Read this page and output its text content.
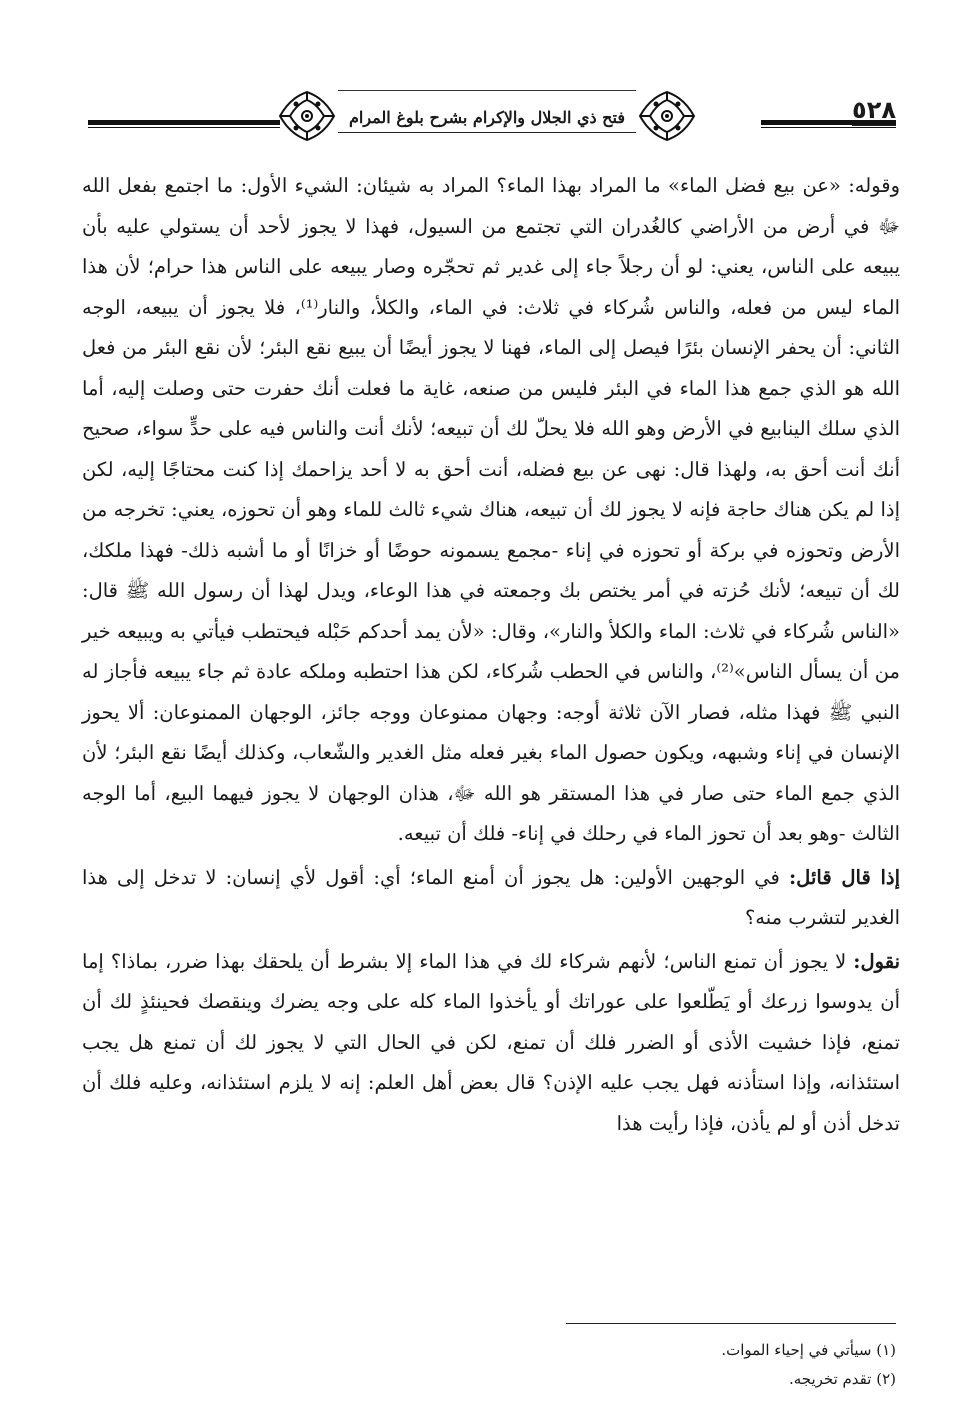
٥٢٨
فتح ذي الجلال والإكرام بشرح بلوغ المرام

وقوله: «عن بيع فضل الماء» ما المراد بهذا الماء؟ المراد به شيئان: الشيء الأول: ما اجتمع بفعل الله ﷻ في أرض من الأراضي كالغُدران التي تجتمع من السيول، فهذا لا يجوز لأحد أن يستولي عليه بأن يبيعه على الناس، يعني: لو أن رجلاً جاء إلى غدير ثم تحجّره وصار يبيعه على الناس هذا حرام؛ لأن هذا الماء ليس من فعله، والناس شُركاء في ثلاث: في الماء، والكلأ، والنار⁽¹⁾، فلا يجوز أن يبيعه، الوجه الثاني: أن يحفر الإنسان بئرًا فيصل إلى الماء، فهنا لا يجوز أيضًا أن يبيع نقع البئر؛ لأن نقع البئر من فعل الله هو الذي جمع هذا الماء في البئر فليس من صنعه، غاية ما فعلت أنك حفرت حتى وصلت إليه، أما الذي سلك الينابيع في الأرض وهو الله فلا يحلّ لك أن تبيعه؛ لأنك أنت والناس فيه على حدٍّ سواء، صحيح أنك أنت أحق به، ولهذا قال: نهى عن بيع فضله، أنت أحق به لا أحد يزاحمك إذا كنت محتاجًا إليه، لكن إذا لم يكن هناك حاجة فإنه لا يجوز لك أن تبيعه، هناك شيء ثالث للماء وهو أن تحوزه، يعني: تخرجه من الأرض وتحوزه في بركة أو تحوزه في إناء -مجمع يسمونه حوضًا أو خزانًا أو ما أشبه ذلك- فهذا ملكك، لك أن تبيعه؛ لأنك حُزته في أمر يختص بك وجمعته في هذا الوعاء، ويدل لهذا أن رسول الله ﷺ قال: «الناس شُركاء في ثلاث: الماء والكلأ والنار»، وقال: «لأن يمد أحدكم حَبْله فيحتطب فيأتي به ويبيعه خير من أن يسأل الناس»⁽²⁾، والناس في الحطب شُركاء، لكن هذا احتطبه وملكه عادة ثم جاء يبيعه فأجاز له النبي ﷺ فهذا مثله، فصار الآن ثلاثة أوجه: وجهان ممنوعان ووجه جائز، الوجهان الممنوعان: ألا يحوز الإنسان في إناء وشبهه، ويكون حصول الماء بغير فعله مثل الغدير والشّعاب، وكذلك أيضًا نقع البئر؛ لأن الذي جمع الماء حتى صار في هذا المستقر هو الله ﷻ، هذان الوجهان لا يجوز فيهما البيع، أما الوجه الثالث -وهو بعد أن تحوز الماء في رحلك في إناء- فلك أن تبيعه.

إذا قال قائل: في الوجهين الأولين: هل يجوز أن أمنع الماء؛ أي: أقول لأي إنسان: لا تدخل إلى هذا الغدير لتشرب منه؟

نقول: لا يجوز أن تمنع الناس؛ لأنهم شركاء لك في هذا الماء إلا بشرط أن يلحقك بهذا ضرر، بماذا؟ إما أن يدوسوا زرعك أو يَطّلعوا على عوراتك أو يأخذوا الماء كله على وجه يضرك وينقصك فحينئذٍ لك أن تمنع، فإذا خشيت الأذى أو الضرر فلك أن تمنع، لكن في الحال التي لا يجوز لك أن تمنع هل يجب استئذانه، وإذا استأذنه فهل يجب عليه الإذن؟ قال بعض أهل العلم: إنه لا يلزم استئذانه، وعليه فلك أن تدخل أذن أو لم يأذن، فإذا رأيت هذا

(١) سيأتي في إحياء الموات.

(٢) تقدم تخريجه.
